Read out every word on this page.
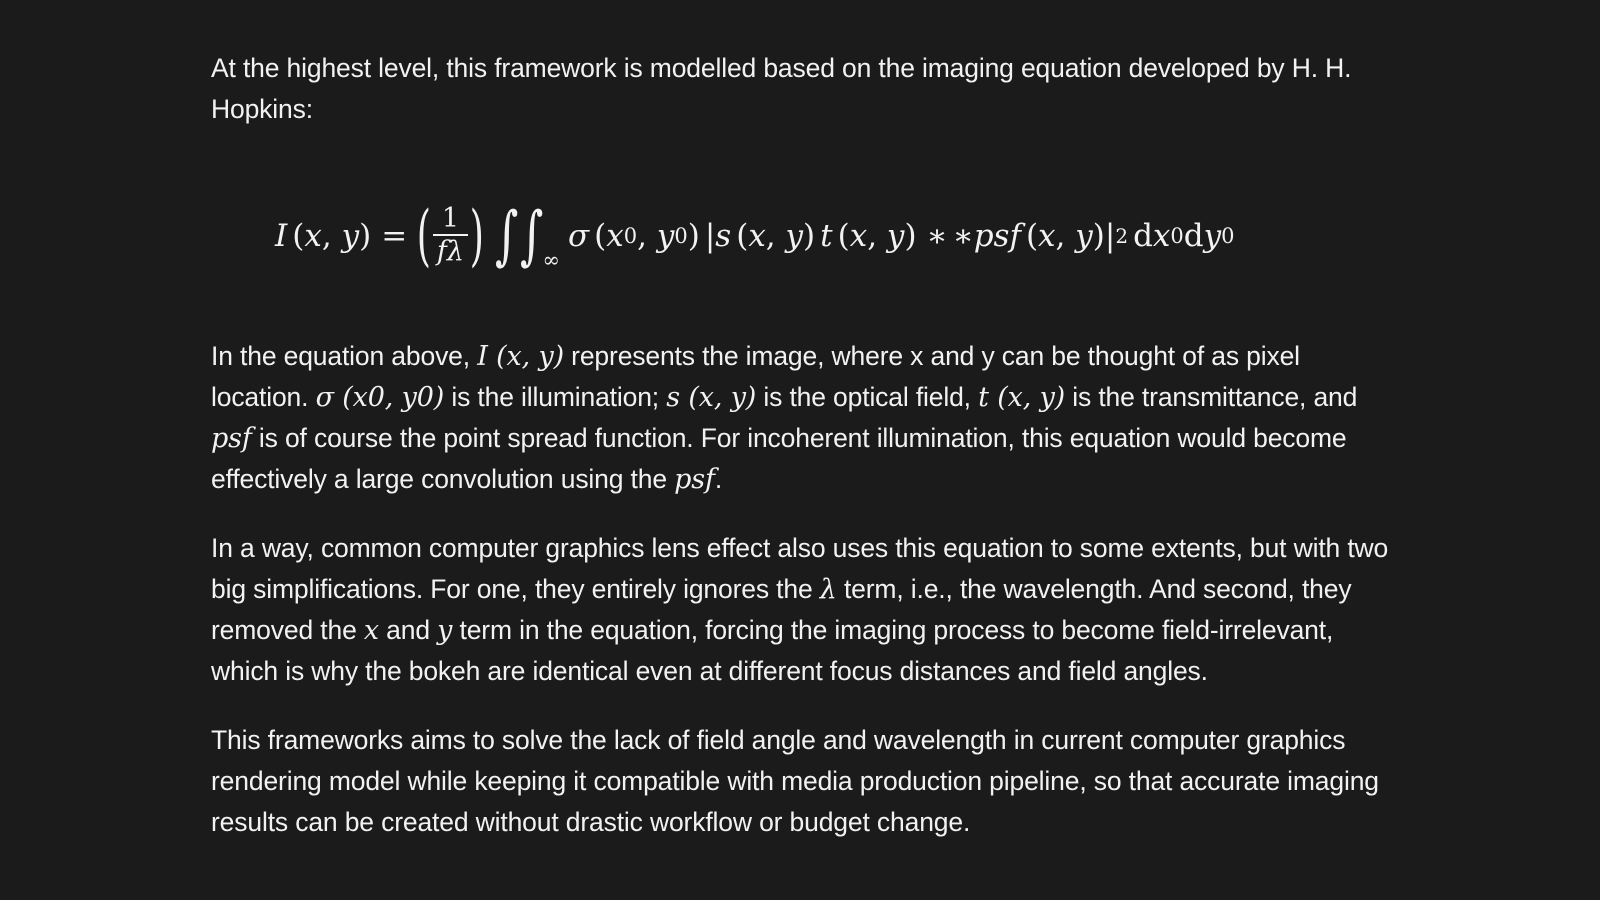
At the highest level, this framework is modelled based on the imaging equation developed by H. H. Hopkins:

I ( x , y ) = ( $\frac{1}{f\lambda}$ ) ∫ ∫ ∞
σ ( x 0 , y 0 ) | s ( x , y ) t ( x , y ) ∗ ∗ psf ( x , y ) | 2 d x 0 d y 0

In the equation above, I (x, y) represents the image, where x and y can be thought of as pixel location. σ (x0, y0) is the illumination; s (x, y) is the optical field, t (x, y) is the transmittance, and psf is of course the point spread function. For incoherent illumination, this equation would become effectively a large convolution using the psf.

In a way, common computer graphics lens effect also uses this equation to some extents, but with two big simplifications. For one, they entirely ignores the λ term, i.e., the wavelength. And second, they removed the x and y term in the equation, forcing the imaging process to become field-irrelevant, which is why the bokeh are identical even at different focus distances and field angles.

This frameworks aims to solve the lack of field angle and wavelength in current computer graphics rendering model while keeping it compatible with media production pipeline, so that accurate imaging results can be created without drastic workflow or budget change.
